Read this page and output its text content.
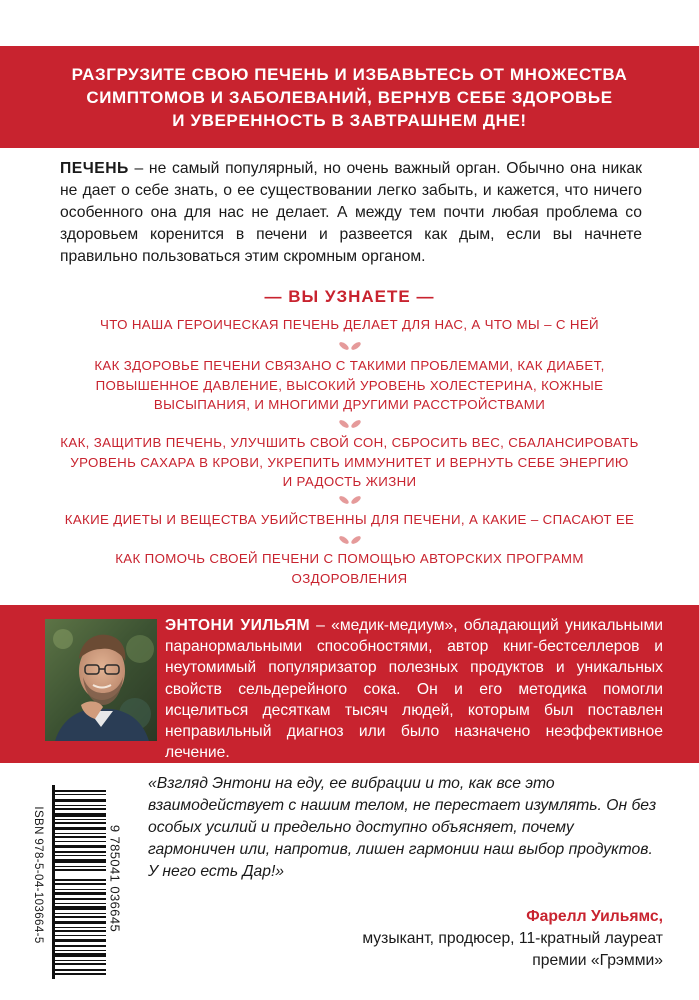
РАЗГРУЗИТЕ СВОЮ ПЕЧЕНЬ И ИЗБАВЬТЕСЬ ОТ МНОЖЕСТВА
СИМПТОМОВ И ЗАБОЛЕВАНИЙ, ВЕРНУВ СЕБЕ ЗДОРОВЬЕ
И УВЕРЕННОСТЬ В ЗАВТРАШНЕМ ДНЕ!
ПЕЧЕНЬ – не самый популярный, но очень важный орган. Обычно она никак не дает о себе знать, о ее существовании легко забыть, и кажется, что ничего особенного она для нас не делает. А между тем почти любая проблема со здоровьем коренится в печени и развеется как дым, если вы начнете правильно пользоваться этим скромным органом.
— ВЫ УЗНАЕТЕ —
ЧТО НАША ГЕРОИЧЕСКАЯ ПЕЧЕНЬ ДЕЛАЕТ ДЛЯ НАС, А ЧТО МЫ – С НЕЙ
КАК ЗДОРОВЬЕ ПЕЧЕНИ СВЯЗАНО С ТАКИМИ ПРОБЛЕМАМИ, КАК ДИАБЕТ,
ПОВЫШЕННОЕ ДАВЛЕНИЕ, ВЫСОКИЙ УРОВЕНЬ ХОЛЕСТЕРИНА, КОЖНЫЕ
ВЫСЫПАНИЯ, И МНОГИМИ ДРУГИМИ РАССТРОЙСТВАМИ
КАК, ЗАЩИТИВ ПЕЧЕНЬ, УЛУЧШИТЬ СВОЙ СОН, СБРОСИТЬ ВЕС, СБАЛАНСИРОВАТЬ
УРОВЕНЬ САХАРА В КРОВИ, УКРЕПИТЬ ИММУНИТЕТ И ВЕРНУТЬ СЕБЕ ЭНЕРГИЮ
И РАДОСТЬ ЖИЗНИ
КАКИЕ ДИЕТЫ И ВЕЩЕСТВА УБИЙСТВЕННЫ ДЛЯ ПЕЧЕНИ, А КАКИЕ – СПАСАЮТ ЕЕ
КАК ПОМОЧЬ СВОЕЙ ПЕЧЕНИ С ПОМОЩЬЮ АВТОРСКИХ ПРОГРАММ
ОЗДОРОВЛЕНИЯ
ЭНТОНИ УИЛЬЯМ – «медик-медиум», обладающий уникальными паранормальными способностями, автор книг-бестселлеров и неутомимый популяризатор полезных продуктов и уникальных свойств сельдерейного сока. Он и его методика помогли исцелиться десяткам тысяч людей, которым был поставлен неправильный диагноз или было назначено неэффективное лечение.
ISBN 978-5-04-103664-5	9 785041 036645
«Взгляд Энтони на еду, ее вибрации и то, как все это взаимодействует с нашим телом, не перестает изумлять. Он без особых усилий и предельно доступно объясняет, почему гармоничен или, напротив, лишен гармонии наш выбор продуктов. У него есть Дар!»
Фарелл Уильямс,
музыкант, продюсер, 11-кратный лауреат
премии «Грэмми»
